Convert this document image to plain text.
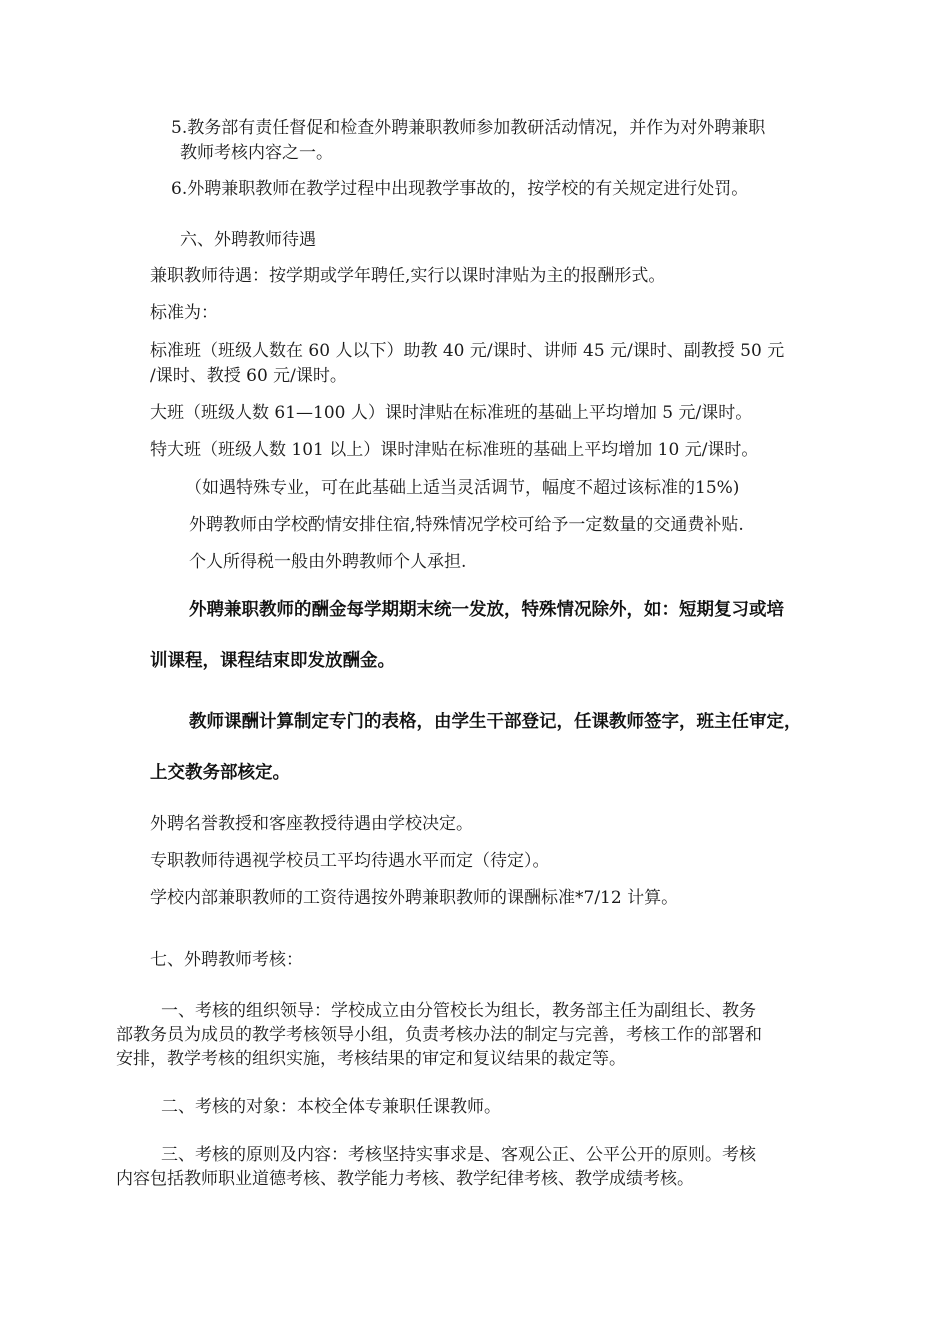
5.教务部有责任督促和检查外聘兼职教师参加教研活动情况，并作为对外聘兼职
教师考核内容之一。
6.外聘兼职教师在教学过程中出现教学事故的，按学校的有关规定进行处罚。
六、外聘教师待遇
兼职教师待遇：按学期或学年聘任,实行以课时津贴为主的报酬形式。
标准为：
标准班（班级人数在 60 人以下）助教 40 元/课时、讲师 45 元/课时、副教授 50 元
/课时、教授 60 元/课时。
大班（班级人数 61—100 人）课时津贴在标准班的基础上平均增加 5 元/课时。
特大班（班级人数 101 以上）课时津贴在标准班的基础上平均增加 10 元/课时。
（如遇特殊专业，可在此基础上适当灵活调节，幅度不超过该标准的15%)
外聘教师由学校酌情安排住宿,特殊情况学校可给予一定数量的交通费补贴.
个人所得税一般由外聘教师个人承担.
外聘兼职教师的酬金每学期期末统一发放，特殊情况除外，如：短期复习或培
训课程，课程结束即发放酬金。
教师课酬计算制定专门的表格，由学生干部登记，任课教师签字，班主任审定，
上交教务部核定。
外聘名誉教授和客座教授待遇由学校决定。
专职教师待遇视学校员工平均待遇水平而定（待定）。
学校内部兼职教师的工资待遇按外聘兼职教师的课酬标准*7/12 计算。
七、外聘教师考核：
一、考核的组织领导：学校成立由分管校长为组长，教务部主任为副组长、教务
部教务员为成员的教学考核领导小组，负责考核办法的制定与完善，考核工作的部署和
安排，教学考核的组织实施，考核结果的审定和复议结果的裁定等。
二、考核的对象：本校全体专兼职任课教师。
三、考核的原则及内容：考核坚持实事求是、客观公正、公平公开的原则。考核
内容包括教师职业道德考核、教学能力考核、教学纪律考核、教学成绩考核。
